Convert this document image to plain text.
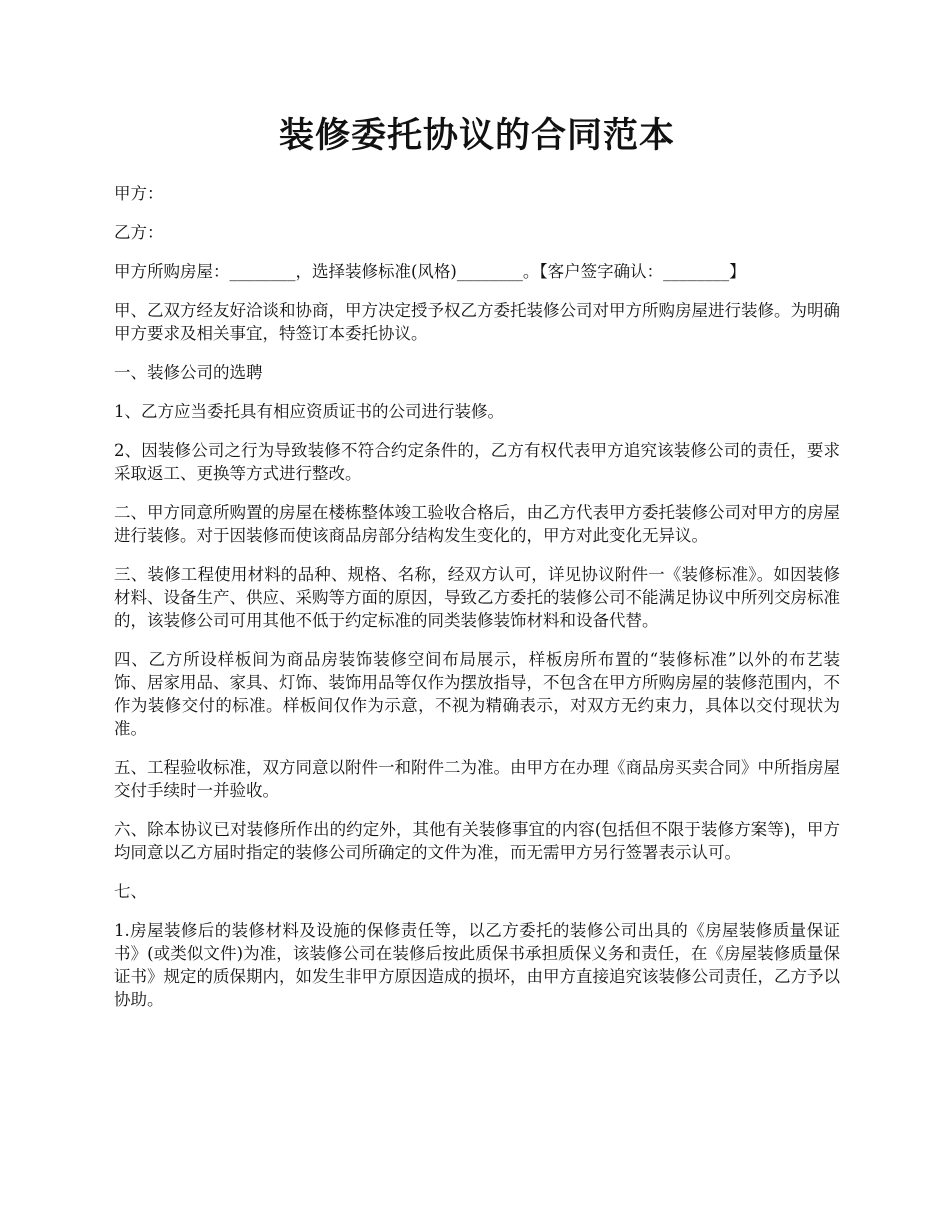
装修委托协议的合同范本

甲方：

乙方：

甲方所购房屋：________，选择装修标准(风格)________。【客户签字确认：________】

甲、乙双方经友好洽谈和协商，甲方决定授予权乙方委托装修公司对甲方所购房屋进行装修。为明确甲方要求及相关事宜，特签订本委托协议。

一、装修公司的选聘

1、乙方应当委托具有相应资质证书的公司进行装修。

2、因装修公司之行为导致装修不符合约定条件的，乙方有权代表甲方追究该装修公司的责任，要求采取返工、更换等方式进行整改。

二、甲方同意所购置的房屋在楼栋整体竣工验收合格后，由乙方代表甲方委托装修公司对甲方的房屋进行装修。对于因装修而使该商品房部分结构发生变化的，甲方对此变化无异议。

三、装修工程使用材料的品种、规格、名称，经双方认可，详见协议附件一《装修标准》。如因装修材料、设备生产、供应、采购等方面的原因，导致乙方委托的装修公司不能满足协议中所列交房标准的，该装修公司可用其他不低于约定标准的同类装修装饰材料和设备代替。

四、乙方所设样板间为商品房装饰装修空间布局展示，样板房所布置的“装修标准”以外的布艺装饰、居家用品、家具、灯饰、装饰用品等仅作为摆放指导，不包含在甲方所购房屋的装修范围内，不作为装修交付的标准。样板间仅作为示意，不视为精确表示，对双方无约束力，具体以交付现状为准。

五、工程验收标准，双方同意以附件一和附件二为准。由甲方在办理《商品房买卖合同》中所指房屋交付手续时一并验收。

六、除本协议已对装修所作出的约定外，其他有关装修事宜的内容(包括但不限于装修方案等)，甲方均同意以乙方届时指定的装修公司所确定的文件为准，而无需甲方另行签署表示认可。

七、

1.房屋装修后的装修材料及设施的保修责任等，以乙方委托的装修公司出具的《房屋装修质量保证书》(或类似文件)为准，该装修公司在装修后按此质保书承担质保义务和责任，在《房屋装修质量保证书》规定的质保期内，如发生非甲方原因造成的损坏，由甲方直接追究该装修公司责任，乙方予以协助。
